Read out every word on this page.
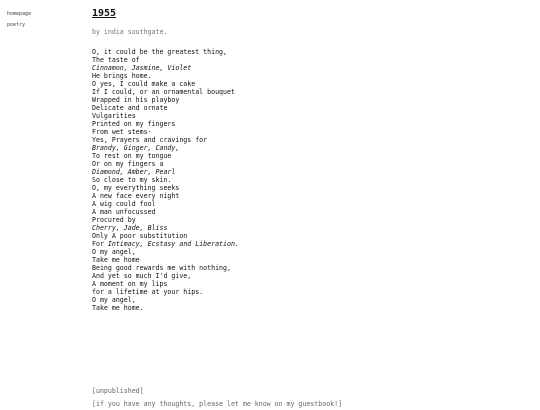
homepage
poetry
1955

by india southgate.

O, it could be the greatest thing,
The taste of
Cinnamon, Jasmine, Violet
He brings home.
O yes, I could make a cake
If I could, or an ornamental bouquet
Wrapped in his playboy
Delicate and ornate
Vulgarities
Printed on my fingers
From wet stems-
Yes, Prayers and cravings for
Brandy, Ginger, Candy,
To rest on my tongue
Or on my fingers a
Diamond, Amber, Pearl
So close to my skin.
O, my everything seeks
A new face every night
A wig could fool
A man unfocussed
Procured by
Cherry, Jade, Bliss
Only A poor substitution
For Intimacy, Ecstasy and Liberation.
O my angel,
Take me home
Being good rewards me with nothing,
And yet so much I'd give,
A moment on my lips
for a lifetime at your hips.
O my angel,
Take me home.
[unpublished]
[if you have any thoughts, please let me know on my guestbook!]
